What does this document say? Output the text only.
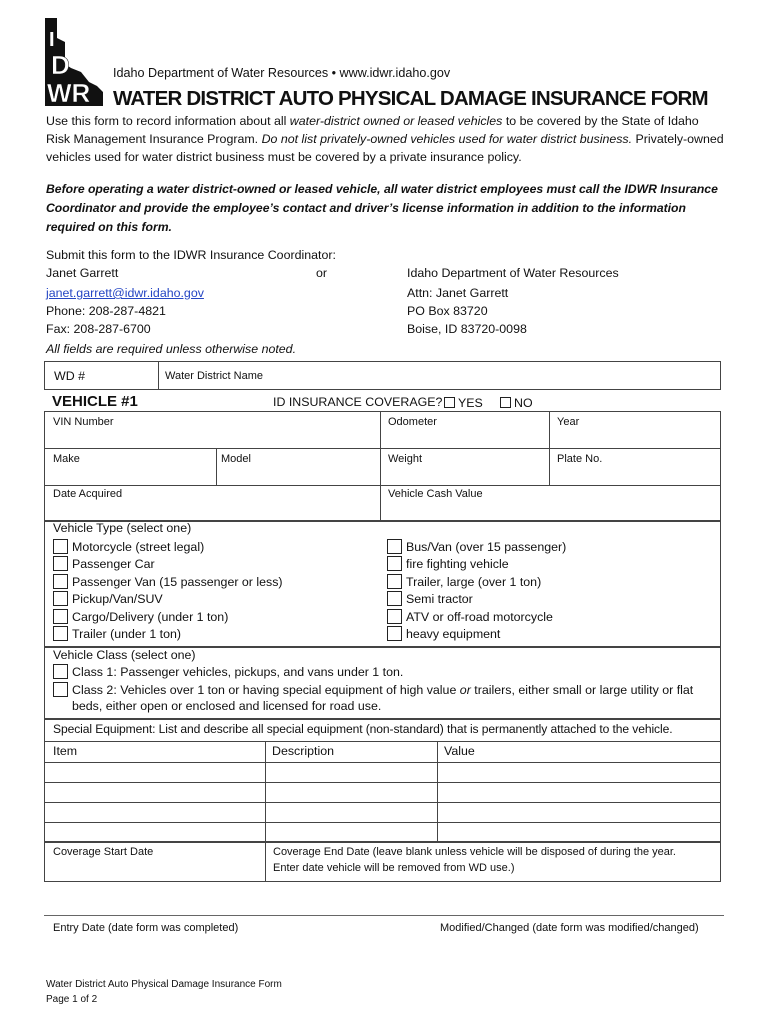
I
D
WR
Idaho Department of Water Resources • www.idwr.idaho.gov
WATER DISTRICT AUTO PHYSICAL DAMAGE INSURANCE FORM
Use this form to record information about all water-district owned or leased vehicles to be covered by the State of Idaho Risk Management Insurance Program. Do not list privately-owned vehicles used for water district business. Privately-owned vehicles used for water district business must be covered by a private insurance policy.
Before operating a water district-owned or leased vehicle, all water district employees must call the IDWR Insurance Coordinator and provide the employee’s contact and driver’s license information in addition to the information required on this form.
Submit this form to the IDWR Insurance Coordinator:
Janet Garrett	or
janet.garrett@idwr.idaho.gov
Phone: 208-287-4821
Fax: 208-287-6700
All fields are required unless otherwise noted.
Idaho Department of Water Resources
Attn: Janet Garrett
PO Box 83720
Boise, ID 83720-0098
WD #	Water District Name
VEHICLE #1	ID INSURANCE COVERAGE?	YES	NO
VIN Number	Odometer	Year
Make	Model	Weight	Plate No.
Date Acquired	Vehicle Cash Value
Vehicle Type (select one)
Motorcycle (street legal)
Passenger Car
Passenger Van (15 passenger or less)
Pickup/Van/SUV
Cargo/Delivery (under 1 ton)
Trailer (under 1 ton)
Bus/Van (over 15 passenger)
fire fighting vehicle
Trailer, large (over 1 ton)
Semi tractor
ATV or off-road motorcycle
heavy equipment
Vehicle Class (select one)
Class 1: Passenger vehicles, pickups, and vans under 1 ton.
Class 2: Vehicles over 1 ton or having special equipment of high value or trailers, either small or large utility or flat
beds, either open or enclosed and licensed for road use.
Special Equipment: List and describe all special equipment (non-standard) that is permanently attached to the vehicle.
Item	Description	Value
Coverage Start Date	Coverage End Date (leave blank unless vehicle will be disposed of during the year.
Enter date vehicle will be removed from WD use.)
Entry Date (date form was completed)	Modified/Changed (date form was modified/changed)
Water District Auto Physical Damage Insurance Form
Page 1 of 2
